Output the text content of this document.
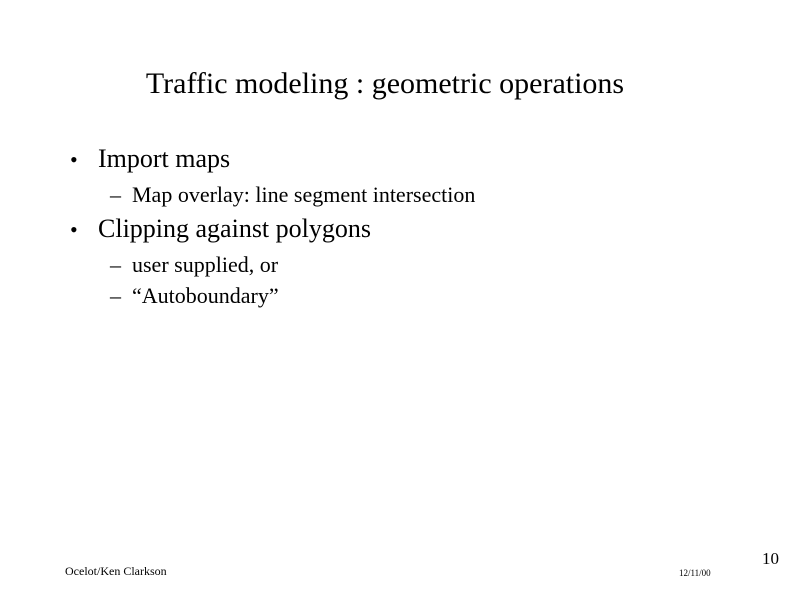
Traffic modeling : geometric operations
• Import maps
– Map overlay: line segment intersection
• Clipping against polygons
– user supplied, or
– “Autoboundary”
Ocelot/Ken Clarkson	12/11/00
10
